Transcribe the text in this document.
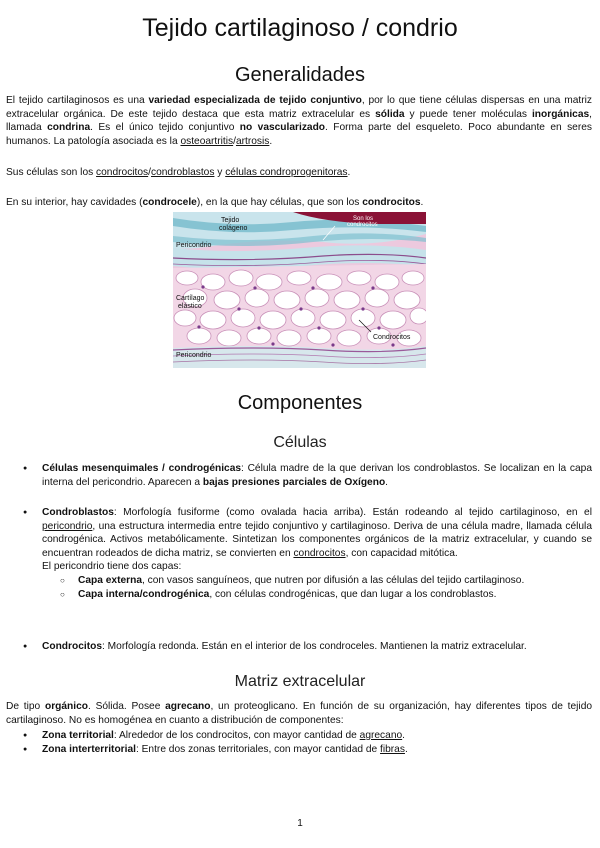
Tejido cartilaginoso / condrio
Generalidades

El tejido cartilaginosos es una variedad especializada de tejido conjuntivo, por lo que tiene células dispersas en una matriz extracelular orgánica. De este tejido destaca que esta matriz extracelular es sólida y puede tener moléculas inorgánicas, llamada condrina. Es el único tejido conjuntivo no vascularizado. Forma parte del esqueleto. Poco abundante en seres humanos. La patología asociada es la osteoartritis/artrosis.

Sus células son los condrocitos/condroblastos y células condroprogenitoras.

En su interior, hay cavidades (condrocele), en la que hay células, que son los condrocitos.

Tejido
colágeno
Son los
condrocitos
Pericondrio
Cartílago
elástico
Condrocitos
Pericondrio
Componentes
Células
● Células mesenquimales / condrogénicas: Célula madre de la que derivan los condroblastos. Se localizan en la capa interna del pericondrio. Aparecen a bajas presiones parciales de Oxígeno.
● Condroblastos: Morfología fusiforme (como ovalada hacia arriba). Están rodeando al tejido cartilaginoso, en el pericondrio, una estructura intermedia entre tejido conjuntivo y cartilaginoso. Deriva de una célula madre, llamada célula condrogénica. Activos metabólicamente. Sintetizan los componentes orgánicos de la matriz extracelular, y cuando se encuentran rodeados de dicha matriz, se convierten en condrocitos, con capacidad mitótica.
El pericondrio tiene dos capas:
○ Capa externa, con vasos sanguíneos, que nutren por difusión a las células del tejido cartilaginoso.
○ Capa interna/condrogénica, con células condrogénicas, que dan lugar a los condroblastos.
● Condrocitos: Morfología redonda. Están en el interior de los condroceles. Mantienen la matriz extracelular.
Matriz extracelular

De tipo orgánico. Sólida. Posee agrecano, un proteoglicano. En función de su organización, hay diferentes tipos de tejido cartilaginoso. No es homogénea en cuanto a distribución de componentes:

● Zona territorial: Alrededor de los condrocitos, con mayor cantidad de agrecano.
● Zona interterritorial: Entre dos zonas territoriales, con mayor cantidad de fibras.
1
